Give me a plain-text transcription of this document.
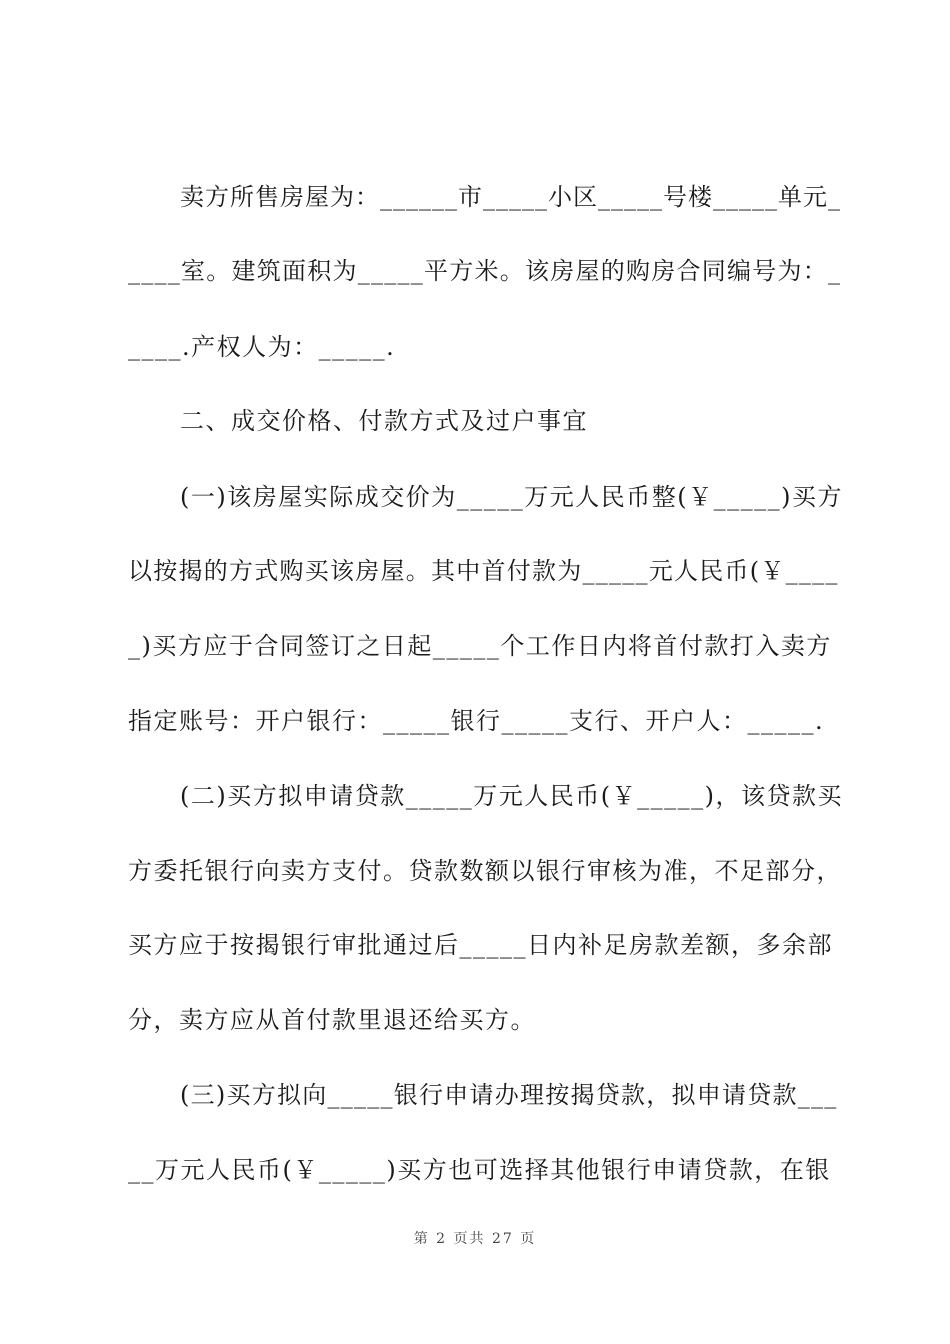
卖方所售房屋为：______市_____小区_____号楼_____单元_
____室。建筑面积为_____平方米。该房屋的购房合同编号为：_
____.产权人为：_____.
二、成交价格、付款方式及过户事宜
(一)该房屋实际成交价为_____万元人民币整(￥_____)买方
以按揭的方式购买该房屋。其中首付款为_____元人民币(￥____
_)买方应于合同签订之日起_____个工作日内将首付款打入卖方
指定账号：开户银行：_____银行_____支行、开户人：_____.
(二)买方拟申请贷款_____万元人民币(￥_____)，该贷款买
方委托银行向卖方支付。贷款数额以银行审核为准，不足部分，
买方应于按揭银行审批通过后_____日内补足房款差额，多余部
分，卖方应从首付款里退还给买方。
(三)买方拟向_____银行申请办理按揭贷款，拟申请贷款___
__万元人民币(￥_____)买方也可选择其他银行申请贷款，在银
第 2 页共 27 页
